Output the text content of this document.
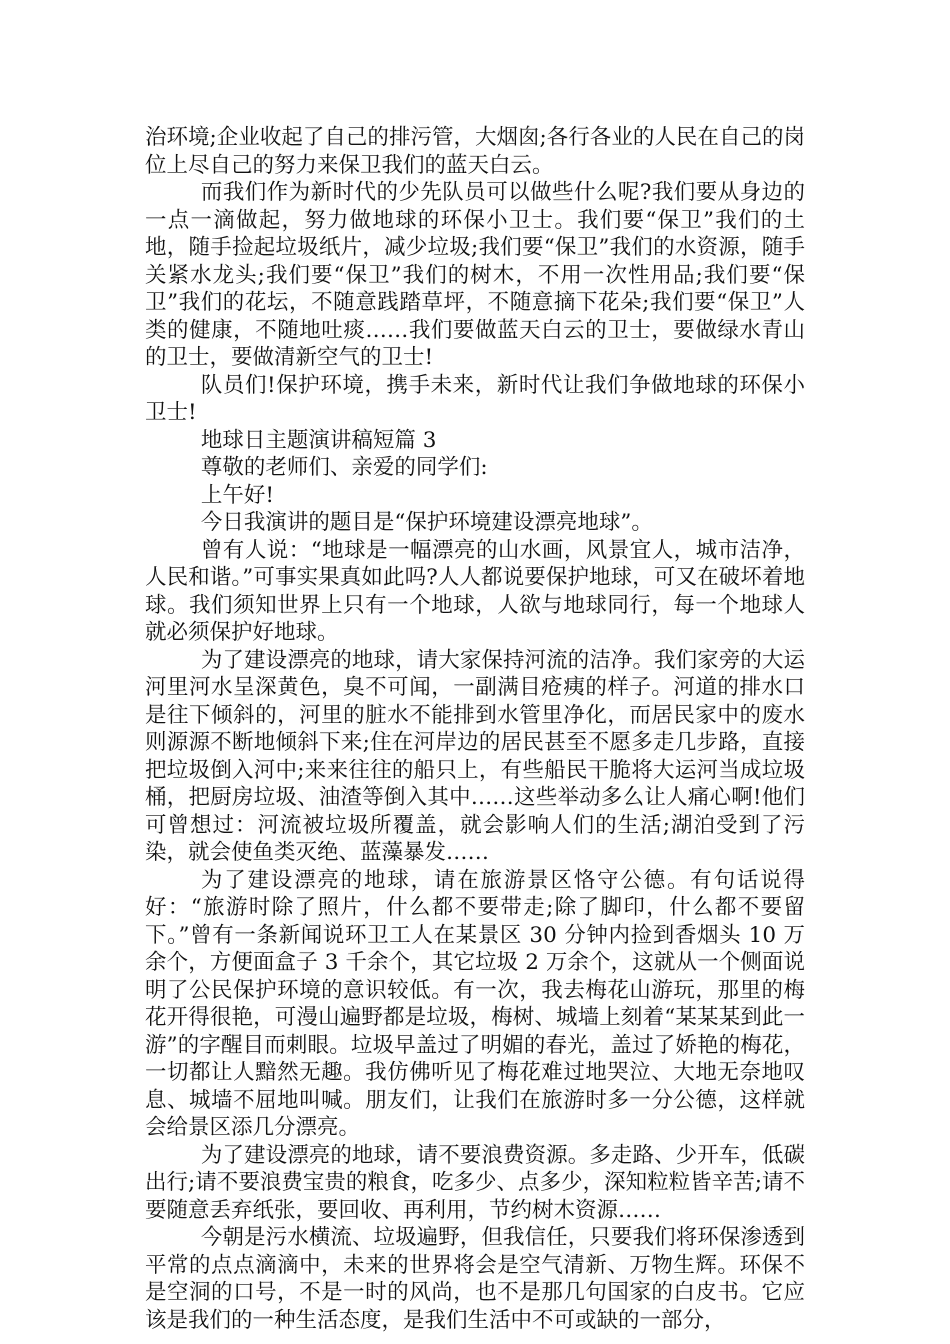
治环境;企业收起了自己的排污管，大烟囱;各行各业的人民在自己的岗位上尽自己的努力来保卫我们的蓝天白云。

而我们作为新时代的少先队员可以做些什么呢?我们要从身边的一点一滴做起，努力做地球的环保小卫士。我们要“保卫”我们的土地，随手捡起垃圾纸片，减少垃圾;我们要“保卫”我们的水资源，随手关紧水龙头;我们要“保卫”我们的树木，不用一次性用品;我们要“保卫”我们的花坛，不随意践踏草坪，不随意摘下花朵;我们要“保卫”人类的健康，不随地吐痰……我们要做蓝天白云的卫士，要做绿水青山的卫士，要做清新空气的卫士!

队员们!保护环境，携手未来，新时代让我们争做地球的环保小卫士!

地球日主题演讲稿短篇 3

尊敬的老师们、亲爱的同学们:

上午好!

今日我演讲的题目是“保护环境建设漂亮地球”。

曾有人说：“地球是一幅漂亮的山水画，风景宜人，城市洁净，人民和谐。”可事实果真如此吗?人人都说要保护地球，可又在破坏着地球。我们须知世界上只有一个地球，人欲与地球同行，每一个地球人就必须保护好地球。

为了建设漂亮的地球，请大家保持河流的洁净。我们家旁的大运河里河水呈深黄色，臭不可闻，一副满目疮痍的样子。河道的排水口是往下倾斜的，河里的脏水不能排到水管里净化，而居民家中的废水则源源不断地倾斜下来;住在河岸边的居民甚至不愿多走几步路，直接把垃圾倒入河中;来来往往的船只上，有些船民干脆将大运河当成垃圾桶，把厨房垃圾、油渣等倒入其中……这些举动多么让人痛心啊!他们可曾想过：河流被垃圾所覆盖，就会影响人们的生活;湖泊受到了污染，就会使鱼类灭绝、蓝藻暴发……

为了建设漂亮的地球，请在旅游景区恪守公德。有句话说得好：“旅游时除了照片，什么都不要带走;除了脚印，什么都不要留下。”曾有一条新闻说环卫工人在某景区 30 分钟内捡到香烟头 10 万余个，方便面盒子 3 千余个，其它垃圾 2 万余个，这就从一个侧面说明了公民保护环境的意识较低。有一次，我去梅花山游玩，那里的梅花开得很艳，可漫山遍野都是垃圾，梅树、城墙上刻着“某某某到此一游”的字醒目而刺眼。垃圾早盖过了明媚的春光，盖过了娇艳的梅花，一切都让人黯然无趣。我仿佛听见了梅花难过地哭泣、大地无奈地叹息、城墙不屈地叫喊。朋友们，让我们在旅游时多一分公德，这样就会给景区添几分漂亮。

为了建设漂亮的地球，请不要浪费资源。多走路、少开车，低碳出行;请不要浪费宝贵的粮食，吃多少、点多少，深知粒粒皆辛苦;请不要随意丢弃纸张，要回收、再利用，节约树木资源……

今朝是污水横流、垃圾遍野，但我信任，只要我们将环保渗透到平常的点点滴滴中，未来的世界将会是空气清新、万物生辉。环保不是空洞的口号，不是一时的风尚，也不是那几句国家的白皮书。它应该是我们的一种生活态度，是我们生活中不可或缺的一部分，
